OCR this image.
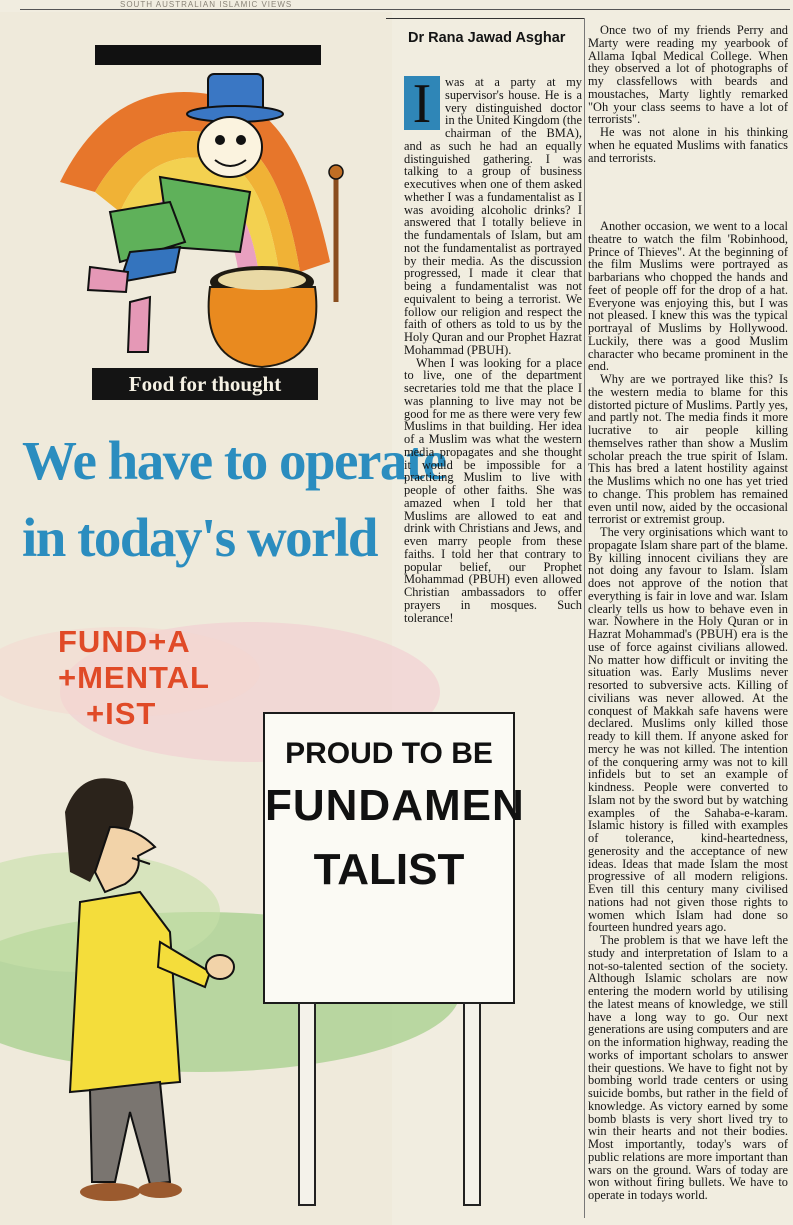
SOUTH AUSTRALIAN ISLAMIC VIEWS
Food for thought
We have to operate
in today's world
FUND+A
+MENTAL
+IST
PROUD TO BE
FUNDAMEN
TALIST
Dr Rana Jawad Asghar

I	was at a party at my supervisor's house. He is a very distinguished doctor in the United Kingdom (the chairman of the BMA), and as such he had an equally distinguished gathering. I was talking to a group of business executives when one of them asked whether I was a fundamentalist as I was avoiding alcoholic drinks? I answered that I totally believe in the fundamentals of Islam, but am not the fundamentalist as portrayed by their media. As the discussion progressed, I made it clear that being a fundamentalist was not equivalent to being a terrorist. We follow our religion and respect the faith of others as told to us by the Holy Quran and our Prophet Hazrat Mohammad (PBUH).

When I was looking for a place to live, one of the department secretaries told me that the place I was planning to live may not be good for me as there were very few Muslims in that building. Her idea of a Muslim was what the western media propagates and she thought it would be impossible for a practicing Muslim to live with people of other faiths. She was amazed when I told her that Muslims are allowed to eat and drink with Christians and Jews, and even marry people from these faiths. I told her that contrary to popular belief, our Prophet Mohammad (PBUH) even allowed Christian ambassadors to offer prayers in mosques. Such tolerance!

Once two of my friends Perry and Marty were reading my yearbook of Allama Iqbal Medical College. When they observed a lot of photographs of my classfellows with beards and moustaches, Marty lightly remarked "Oh your class seems to have a lot of terrorists".

He was not alone in his thinking when he equated Muslims with fanatics and terrorists.

Another occasion, we went to a local theatre to watch the film 'Robinhood, Prince of Thieves". At the beginning of the film Muslims were portrayed as barbarians who chopped the hands and feet of people off for the drop of a hat. Everyone was enjoying this, but I was not pleased. I knew this was the typical portrayal of Muslims by Hollywood. Luckily, there was a good Muslim character who became prominent in the end.

Why are we portrayed like this? Is the western media to blame for this distorted picture of Muslims. Partly yes, and partly not. The media finds it more lucrative to air people killing themselves rather than show a Muslim scholar preach the true spirit of Islam. This has bred a latent hostility against the Muslims which no one has yet tried to change. This problem has remained even until now, aided by the occasional terrorist or extremist group.

The very orginisations which want to propagate Islam share part of the blame. By killing innocent civilians they are not doing any favour to Islam. Islam does not approve of the notion that everything is fair in love and war. Islam clearly tells us how to behave even in war. Nowhere in the Holy Quran or in Hazrat Mohammad's (PBUH) era is the use of force against civilians allowed. No matter how difficult or inviting the situation was. Early Muslims never resorted to subversive acts. Killing of civilians was never allowed. At the conquest of Makkah safe havens were declared. Muslims only killed those ready to kill them. If anyone asked for mercy he was not killed. The intention of the conquering army was not to kill infidels but to set an example of kindness. People were converted to Islam not by the sword but by watching examples of the Sahaba-e-karam. Islamic history is filled with examples of tolerance, kind-heartedness, generosity and the acceptance of new ideas. Ideas that made Islam the most progressive of all modern religions. Even till this century many civilised nations had not given those rights to women which Islam had done so fourteen hundred years ago.

The problem is that we have left the study and interpretation of Islam to a not-so-talented section of the society. Although Islamic scholars are now entering the modern world by utilising the latest means of knowledge, we still have a long way to go. Our next generations are using computers and are on the information highway, reading the works of important scholars to answer their questions. We have to fight not by bombing world trade centers or using suicide bombs, but rather in the field of knowledge. As victory earned by some bomb blasts is very short lived try to win their hearts and not their bodies. Most importantly, today's wars of public relations are more important than wars on the ground. Wars of today are won without firing bullets. We have to operate in todays world.
